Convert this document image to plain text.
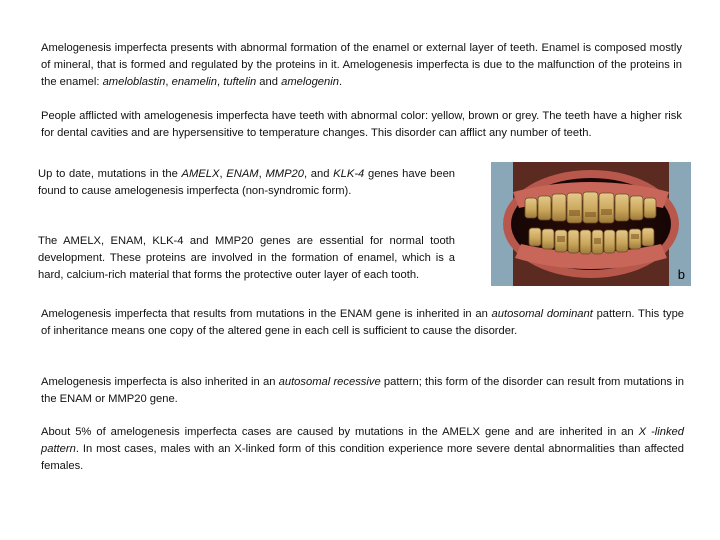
Amelogenesis imperfecta presents with abnormal formation of the enamel or external layer of teeth. Enamel is composed mostly of mineral, that is formed and regulated by the proteins in it. Amelogenesis imperfecta is due to the malfunction of the proteins in the enamel: ameloblastin, enamelin, tuftelin and amelogenin.

People afflicted with amelogenesis imperfecta have teeth with abnormal color: yellow, brown or grey. The teeth have a higher risk for dental cavities and are hypersensitive to temperature changes. This disorder can afflict any number of teeth.

Up to date, mutations in the AMELX, ENAM, MMP20, and KLK-4 genes have been found to cause amelogenesis imperfecta (non-syndromic form).

The AMELX, ENAM, KLK-4 and MMP20 genes are essential for normal tooth development. These proteins are involved in the formation of enamel, which is a hard, calcium-rich material that forms the protective outer layer of each tooth.	b

Amelogenesis imperfecta that results from mutations in the ENAM gene is inherited in an autosomal dominant pattern. This type of inheritance means one copy of the altered gene in each cell is sufficient to cause the disorder.

Amelogenesis imperfecta is also inherited in an autosomal recessive pattern; this form of the disorder can result from mutations in the ENAM or MMP20 gene.

About 5% of amelogenesis imperfecta cases are caused by mutations in the AMELX gene and are inherited in an X -linked pattern. In most cases, males with an X-linked form of this condition experience more severe dental abnormalities than affected females.
